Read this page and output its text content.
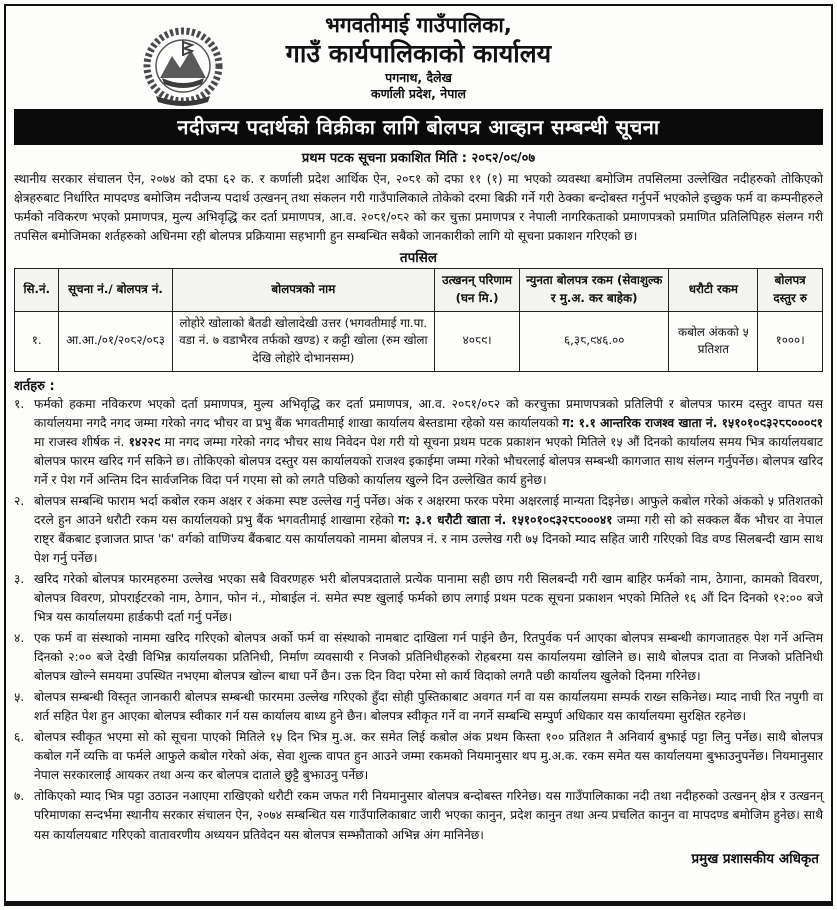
भगवतीमाई गाउँपालिका,
गाउँ कार्यपालिकाको कार्यालय
पगनाथ, दैलेख
कर्णाली प्रदेश, नेपाल
नदीजन्य पदार्थको विक्रीका लागि बोलपत्र आव्हान सम्बन्धी सूचना
प्रथम पटक सूचना प्रकाशित मिति : २०८२/०९/०७

स्थानीय सरकार संचालन ऐन, २०७४ को दफा ६२ क. र कर्णाली प्रदेश आर्थिक ऐन, २०८१ को दफा ११ (१) मा भएको व्यवस्था बमोजिम तपसिलमा उल्लेखित नदीहरुको तोकिएको क्षेत्रहरुबाट निर्धारित मापदण्ड बमोजिम नदीजन्य पदार्थ उत्खनन् तथा संकलन गरी गाउँपालिकाले तोकेको दरमा बिक्री गर्ने गरी ठेक्का बन्दोबस्त गर्नुपर्ने भएकोले इच्छुक फर्म वा कम्पनीहरुले फर्मको नविकरण भएको प्रमाणपत्र, मुल्य अभिवृद्धि कर दर्ता प्रमाणपत्र, आ.व. २०८१/०८२ को कर चुक्ता प्रमाणपत्र र नेपाली नागरिकताको प्रमाणपत्रको प्रमाणित प्रतिलिपिहरु संलग्न गरी तपसिल बमोजिमका शर्तहरुको अधिनमा रही बोलपत्र प्रक्रियामा सहभागी हुन सम्बन्धित सबैको जानकारीको लागि यो सूचना प्रकाशन गरिएको छ।

तपसिल
सि.नं.	सूचना नं./ बोलपत्र नं.	बोलपत्रको नाम	उत्खनन् परिणाम (घन मि.)	न्युनता बोलपत्र रकम (सेवाशुल्क र मु.अ. कर बाहेक)	धरौटी रकम	बोलपत्र दस्तुर रु
१.	आ.आ./०१/२०८२/०८३	लोहोरे खोलाको बैतढी खोलादेखी उत्तर (भगवतीमाई गा.पा. वडा नं. ७ वडाभैरव तर्फको खण्ड) र कट्टी खोला (रुम खोला देखि लोहोरे दोभानसम्म)	४०८९।	६,३८,९४६.००	कबोल अंकको ५ प्रतिशत	१०००।
शर्तहरु :
१. फर्मको हकमा नविकरण भएको दर्ता प्रमाणपत्र, मुल्य अभिवृद्धि कर दर्ता प्रमाणपत्र, आ.व. २०८१/०८२ को करचुक्ता प्रमाणपत्रको प्रतिलिपी र बोलपत्र फारम दस्तुर वापत यस कार्यालयमा नगदै नगद जम्मा गरेको नगद भौचर वा प्रभु बैंक भगवतीमाई शाखा कार्यालय बेस्तडामा रहेको यस कार्यालयको ग: १.१ आन्तरिक राजश्व खाता नं. १५१०१०९३२८८०००९१ मा राजस्व शीर्षक नं. १४२२९ मा नगद जम्मा गरेको नगद भौचर साथ निवेदन पेश गरी यो सूचना प्रथम पटक प्रकाशन भएको मितिले १५ औं दिनको कार्यालय समय भित्र कार्यालयबाट बोलपत्र फारम खरिद गर्न सकिने छ। तोकिएको बोलपत्र दस्तुर यस कार्यालयको राजश्व इकाईमा जम्मा गरेको भौचरलाई बोलपत्र सम्बन्धी कागजात साथ संलग्न गर्नुपर्नेछ। बोलपत्र खरिद गर्ने र पेश गर्ने अन्तिम दिन सार्वजनिक विदा पर्न गएमा सो को लगतै पछिको कार्यालय खुल्ने दिन उल्लेखित कार्य हुनेछ।
२. बोलपत्र सम्बन्धि फाराम भर्दा कबोल रकम अक्षर र अंकमा स्पष्ट उल्लेख गर्नु पर्नेछ। अंक र अक्षरमा फरक परेमा अक्षरलाई मान्यता दिइनेछ। आफुले कबोल गरेको अंकको ५ प्रतिशतको दरले हुन आउने धरौटी रकम यस कार्यालयको प्रभु बैंक भगवतीमाई शाखामा रहेको ग: ३.१ धरौटी खाता नं. १५१०१०९३२८८०००४१ जम्मा गरी सो को सक्कल बैंक भौचर वा नेपाल राष्ट्र बैंकबाट इजाजत प्राप्त 'क' वर्गको वाणिज्य बैंकबाट यस कार्यालयको नाममा बोलपत्र नं. र नाम उल्लेख गरी ७५ दिनको म्याद सहित जारी गरिएको विड वण्ड सिलबन्दी खाम साथ पेश गर्नु पर्नेछ।
३. खरिद गरेको बोलपत्र फारमहरुमा उल्लेख भएका सबै विवरणहरु भरी बोलपत्रदाताले प्रत्येक पानामा सही छाप गरी सिलबन्दी गरी खाम बाहिर फर्मको नाम, ठेगाना, कामको विवरण, बोलपत्र विवरण, प्रोपराईटरको नाम, ठेगान, फोन नं., मोबाईल नं. समेत स्पष्ट खुलाई फर्मको छाप लगाई प्रथम पटक सूचना प्रकाशन भएको मितिले १६ औं दिन दिनको १२:०० बजे भित्र यस कार्यालयमा हार्डकपी दर्ता गर्नु पर्नेछ।
४. एक फर्म वा संस्थाको नाममा खरिद गरिएको बोलपत्र अर्को फर्म वा संस्थाको नामबाट दाखिला गर्न पाईने छैन, रितपुर्वक पर्न आएका बोलपत्र सम्बन्धी कागजातहरु पेश गर्ने अन्तिम दिनको २:०० बजे देखी विभिन्न कार्यालयका प्रतिनिधी, निर्माण व्यवसायी र निजको प्रतिनिधीहरुको रोहबरमा यस कार्यालयमा खोलिने छ। साथै बोलपत्र दाता वा निजको प्रतिनिधी बोलपत्र खोल्ने समयमा उपस्थित नभएमा बोलपत्र खोल्न बाधा पर्ने छैन। उक्त दिन विदा परेमा सो कार्य विदाको लगतै पछी कार्यालय खुलेको दिनमा गरिनेछ।
५. बोलपत्र सम्बन्धी विस्तृत जानकारी बोलपत्र सम्बन्धी फारममा उल्लेख गरिएको हुँदा सोही पुस्तिकाबाट अवगत गर्न वा यस कार्यालयमा सम्पर्क राख्न सकिनेछ। म्याद नाघी रित नपुगी वा शर्त सहित पेश हुन आएका बोलपत्र स्वीकार गर्न यस कार्यालय बाध्य हुने छैन। बोलपत्र स्वीकृत गर्ने वा नगर्ने सम्बन्धि सम्पुर्ण अधिकार यस कार्यालयमा सुरक्षित रहनेछ।
६. बोलपत्र स्वीकृत भएमा सो को सूचना पाएको मितिले १५ दिन भित्र मु.अ. कर समेत लिई कबोल अंक प्रथम किस्ता १०० प्रतिशत नै अनिवार्य बुझाई पट्टा लिनु पर्नेछ। साथै बोलपत्र कबोल गर्ने व्यक्ति वा फर्मले आफुले कबोल गरेको अंक, सेवा शुल्क वापत हुन आउने जम्मा रकमको नियमानुसार थप मु.अ.क. रकम समेत यस कार्यालयमा बुझाउनुपर्नेछ। नियमानुसार नेपाल सरकारलाई आयकर तथा अन्य कर बोलपत्र दाताले छुट्टै बुझाउनु पर्नेछ।
७. तोकिएको म्याद भित्र पट्टा उठाउन नआएमा राखिएको धरौटी रकम जफत गरी नियमानुसार बोलपत्र बन्दोबस्त गरिनेछ। यस गाउँपालिकाका नदी तथा नदीहरुको उत्खनन् क्षेत्र र उत्खनन् परिमाणका सन्दर्भमा स्थानीय सरकार संचालन ऐन, २०७४ सम्बन्धित यस गाउँपालिकाबाट जारी भएका कानुन, प्रदेश कानुन तथा अन्य प्रचलित कानुन वा मापदण्ड बमोजिम हुनेछ। साथै यस कार्यालयबाट गरिएको वातावरणीय अध्ययन प्रतिवेदन यस बोलपत्र सम्झौताको अभिन्न अंग मानिनेछ।
प्रमुख प्रशासकीय अधिकृत
